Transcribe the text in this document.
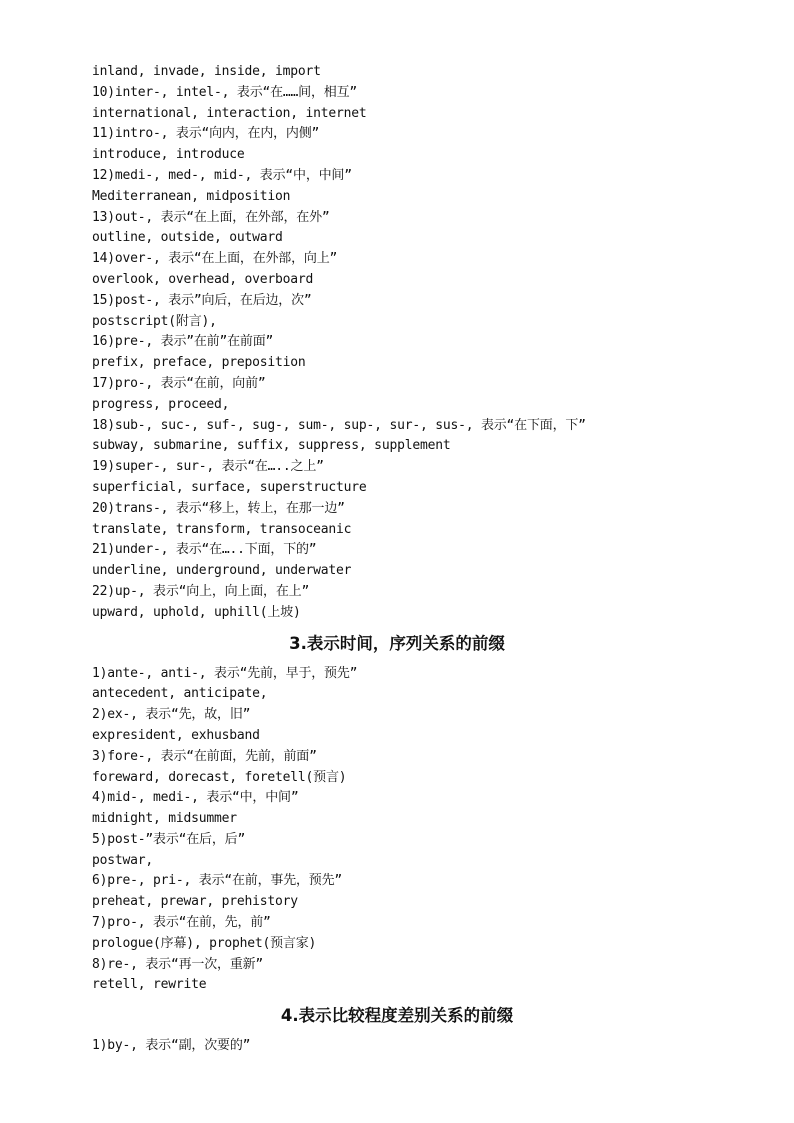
inland, invade, inside, import
10)inter-, intel-, 表示“在……间，相互”
international, interaction, internet
11)intro-, 表示“向内，在内，内侧”
introduce, introduce
12)medi-, med-, mid-, 表示“中，中间”
Mediterranean, midposition
13)out-, 表示“在上面，在外部，在外”
outline, outside, outward
14)over-, 表示“在上面，在外部，向上”
overlook, overhead, overboard
15)post-, 表示”向后，在后边，次”
postscript(附言),
16)pre-, 表示”在前”在前面”
prefix, preface, preposition
17)pro-, 表示“在前，向前”
progress, proceed,
18)sub-, suc-, suf-, sug-, sum-, sup-, sur-, sus-, 表示“在下面，下”
subway, submarine, suffix, suppress, supplement
19)super-, sur-, 表示“在…..之上”
superficial, surface, superstructure
20)trans-, 表示“移上，转上，在那一边”
translate, transform, transoceanic
21)under-, 表示“在…..下面，下的”
underline, underground, underwater
22)up-, 表示“向上，向上面，在上”
upward, uphold, uphill(上坡)
3.表示时间，序列关系的前缀
1)ante-, anti-, 表示“先前，早于，预先”
antecedent, anticipate,
2)ex-, 表示“先，故，旧”
expresident, exhusband
3)fore-, 表示“在前面，先前，前面”
foreward, dorecast, foretell(预言)
4)mid-, medi-, 表示“中，中间”
midnight, midsummer
5)post-”表示“在后，后”
postwar,
6)pre-, pri-, 表示“在前，事先，预先”
preheat, prewar, prehistory
7)pro-, 表示“在前，先，前”
prologue(序幕), prophet(预言家)
8)re-, 表示“再一次，重新”
retell, rewrite
4.表示比较程度差别关系的前缀
1)by-, 表示“副，次要的”
